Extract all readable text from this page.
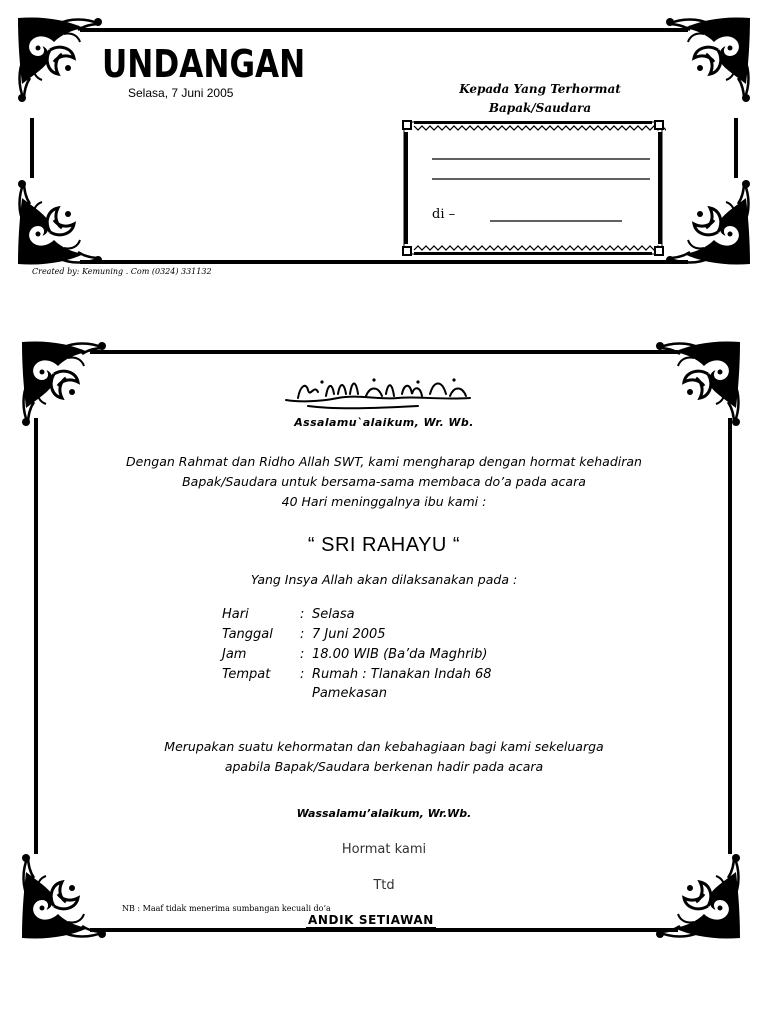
UNDANGAN
Selasa, 7 Juni 2005	Kepada Yang Terhormat
Bapak/Saudara
di –
Created by: Kemuning . Com (0324) 331132
Assalamu`alaikum, Wr. Wb.
Dengan Rahmat dan Ridho Allah SWT, kami mengharap dengan hormat kehadiran
Bapak/Saudara untuk bersama-sama membaca do’a pada acara
40 Hari meninggalnya ibu kami :
“ SRI RAHAYU “
Yang Insya Allah akan dilaksanakan pada :
Hari	: Selasa
Tanggal	: 7 Juni 2005
Jam	: 18.00 WIB (Ba’da Maghrib)
Tempat	: Rumah : Tlanakan Indah 68
Pamekasan
Merupakan suatu kehormatan dan kebahagiaan bagi kami sekeluarga
apabila Bapak/Saudara berkenan hadir pada acara
Wassalamu’alaikum, Wr.Wb.
Hormat kami
Ttd
NB : Maaf tidak menerima sumbangan kecuali do’a
ANDIK SETIAWAN
